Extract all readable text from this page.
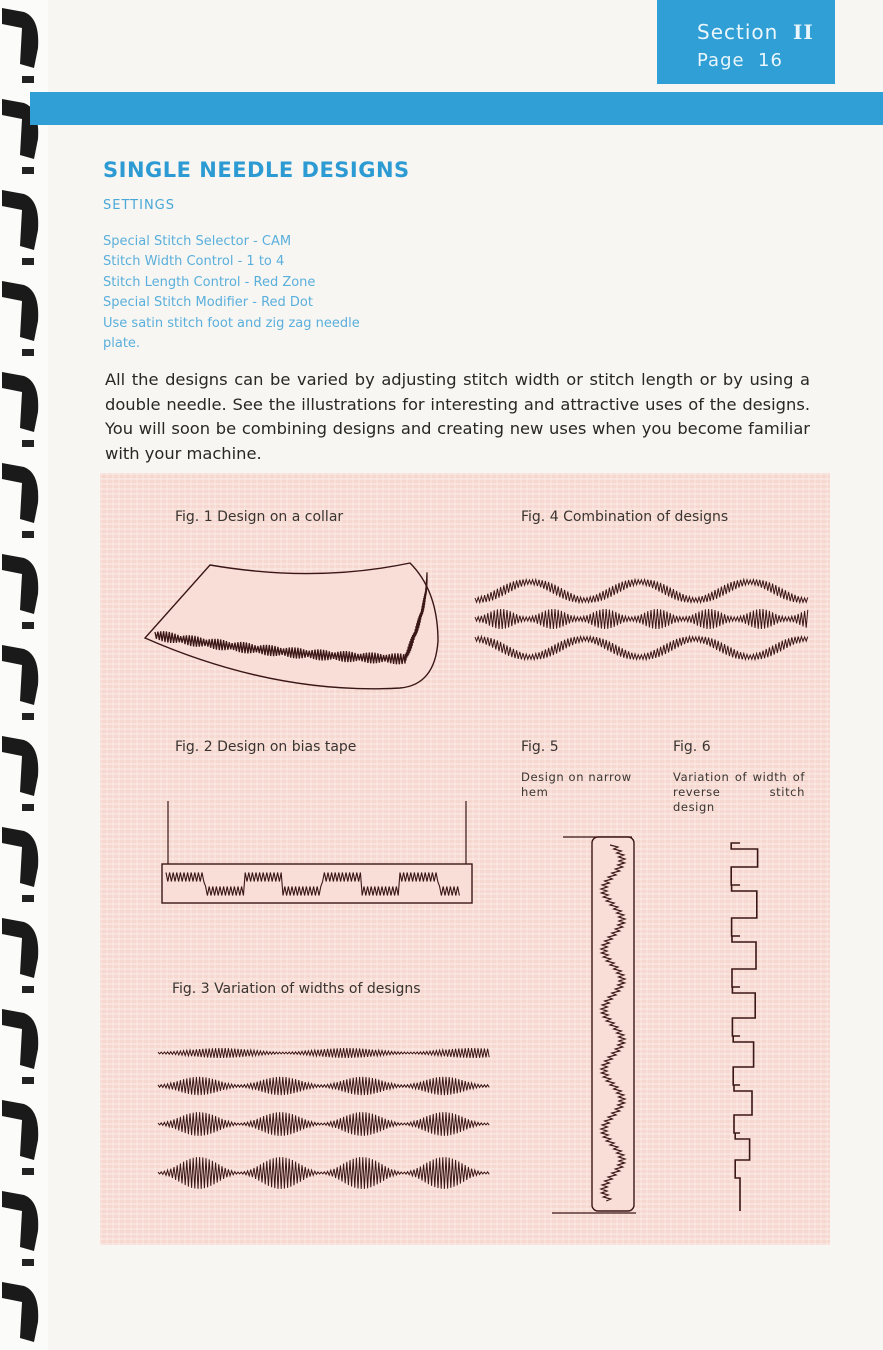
Section II
Page 16
SINGLE NEEDLE DESIGNS
SETTINGS
Special Stitch Selector - CAM
Stitch Width Control - 1 to 4
Stitch Length Control - Red Zone
Special Stitch Modifier - Red Dot
Use satin stitch foot and zig zag needle
plate.
All the designs can be varied by adjusting stitch width or stitch length or by using a double needle. See the illustrations for interesting and attractive uses of the designs. You will soon be combining designs and creating new uses when you become familiar with your machine.
Fig. 1 Design on a collar	Fig. 4 Combination of designs
Fig. 2 Design on bias tape	Fig. 5	Fig. 6
Design on narrow hem
Variation of width of reverse stitch design
Fig. 3 Variation of widths of designs
